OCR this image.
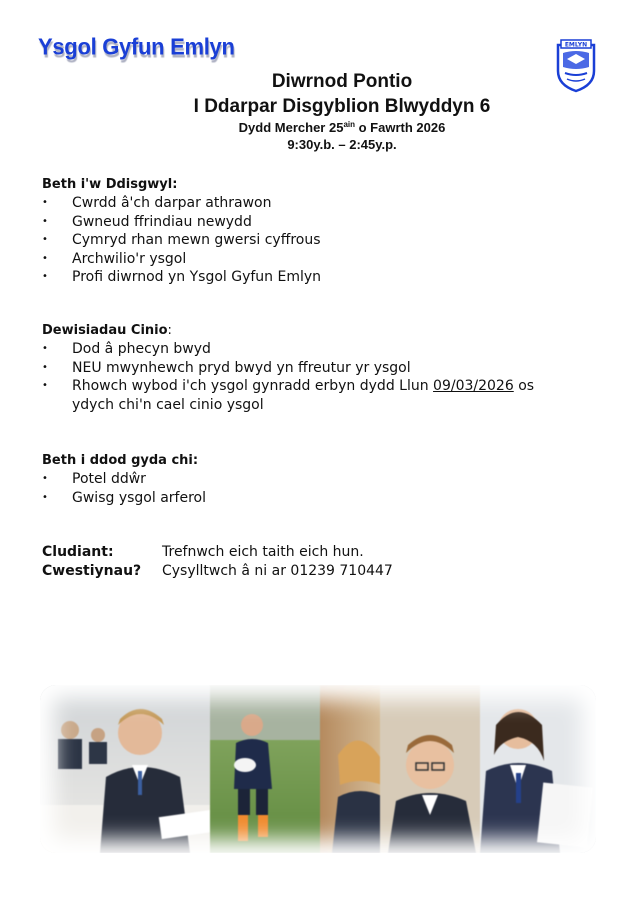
Ysgol Gyfun Emlyn	EMLYN
Diwrnod Pontio
I Ddarpar Disgyblion Blwyddyn 6
Dydd Mercher $25^{ain}$ o Fawrth 2026
9:30y.b. – 2:45y.p.
Beth i'w Ddisgwyl:
• Cwrdd â'ch darpar athrawon
• Gwneud ffrindiau newydd
• Cymryd rhan mewn gwersi cyffrous
• Archwilio'r ysgol
• Profi diwrnod yn Ysgol Gyfun Emlyn
Dewisiadau Cinio:
• Dod â phecyn bwyd
• NEU mwynhewch pryd bwyd yn ffreutur yr ysgol
• Rhowch wybod i'ch ysgol gynradd erbyn dydd Llun 09/03/2026 os ydych chi'n cael cinio ysgol
Beth i ddod gyda chi:
• Potel ddŵr
• Gwisg ysgol arferol
Cludiant:	Trefnwch eich taith eich hun.
Cwestiynau? Cysylltwch â ni ar 01239 710447
